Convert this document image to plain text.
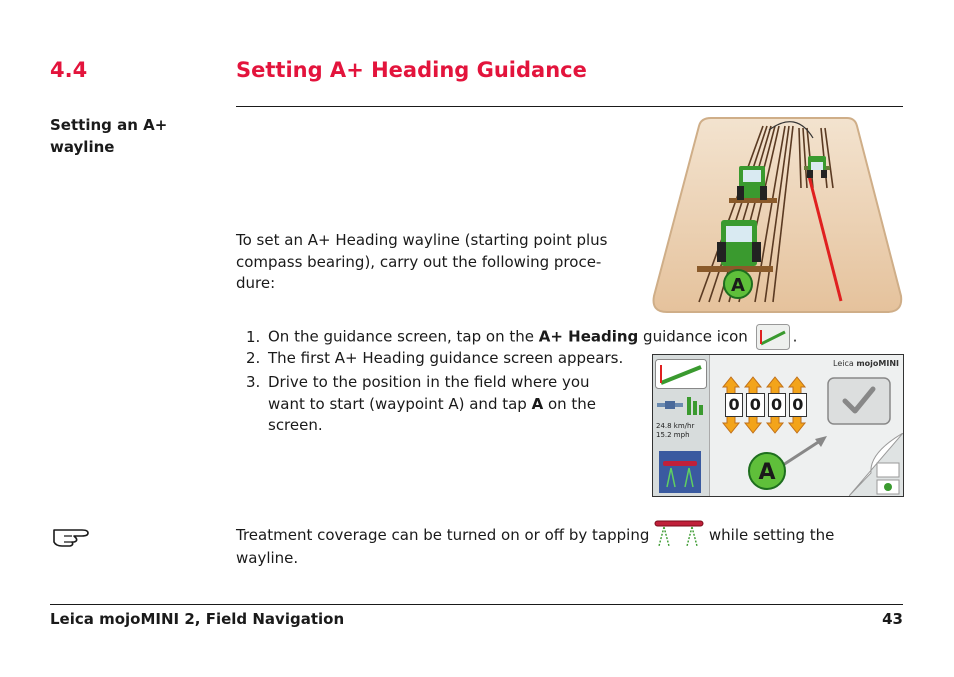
4.4	Setting A+ Heading Guidance
Setting an A+
wayline
A
To set an A+ Heading wayline (starting point plus
compass bearing), carry out the following proce-
dure:
1. On the guidance screen, tap on the A+ Heading guidance icon	.
2. The first A+ Heading guidance screen appears.
3. Drive to the position in the field where you
want to start (waypoint A) and tap A on the
screen.	24.8 km/hr
15.2 mph
Leica mojoMINI
0 0 0 0
A
Treatment coverage can be turned on or off by tapping	while setting the
wayline.
Leica mojoMINI 2, Field Navigation	43
